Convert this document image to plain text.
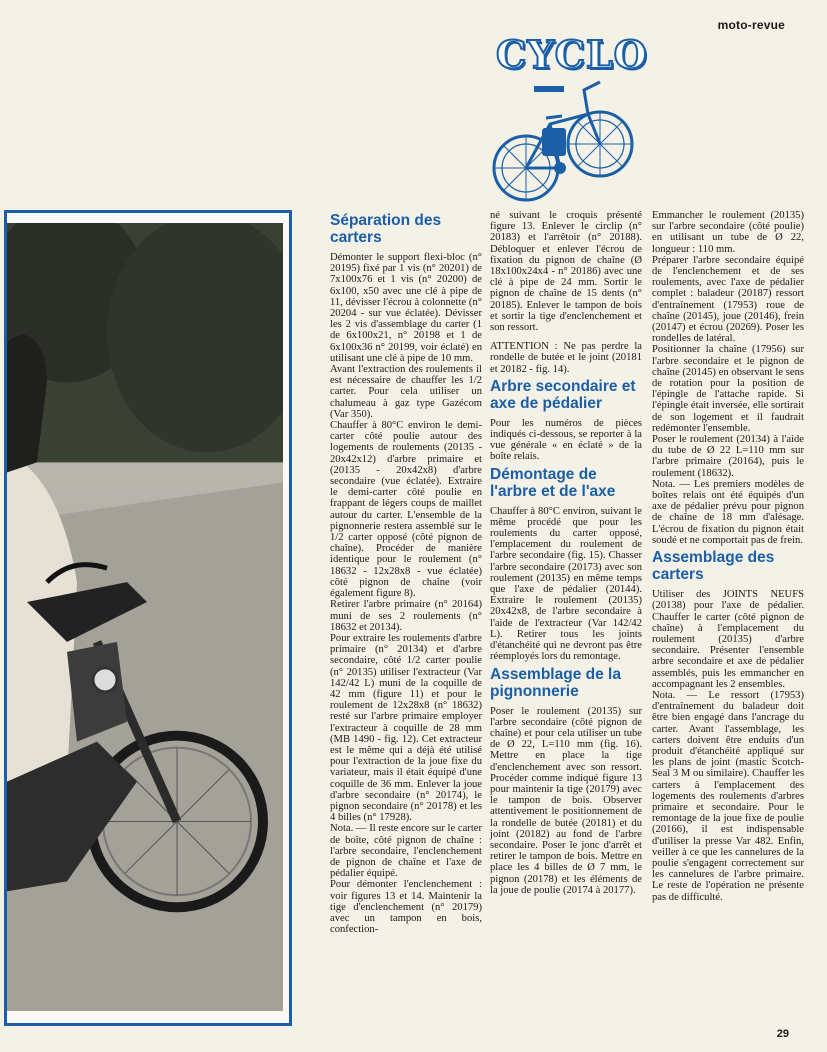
moto-revue
CYCLO
Séparation des carters

Démonter le support flexi-bloc (n° 20195) fixé par 1 vis (n° 20201) de 7x100x76 et 1 vis (n° 20200) de 6x100, x50 avec une clé à pipe de 11, dévisser l'écrou à colonnette (n° 20204 - sur vue éclatée). Dévisser les 2 vis d'assemblage du carter (1 de 6x100x21, n° 20198 et 1 de 6x100x36 n° 20199, voir éclaté) en utilisant une clé à pipe de 10 mm.

Avant l'extraction des roulements il est nécessaire de chauffer les 1/2 carter. Pour cela utiliser un chalumeau à gaz type Gazécom (Var 350).

Chauffer à 80°C environ le demi-carter côté poulie autour des logements de roulements (20135 - 20x42x12) d'arbre primaire et (20135 - 20x42x8) d'arbre secondaire (vue éclatée). Extraire le demi-carter côté poulie en frappant de légers coups de maillet autour du carter. L'ensemble de la pignonnerie restera assemblé sur le 1/2 carter opposé (côté pignon de chaîne). Procéder de manière identique pour le roulement (n° 18632 - 12x28x8 - vue éclatée) côté pignon de chaîne (voir également figure 8).

Retirer l'arbre primaire (n° 20164) muni de ses 2 roulements (n° 18632 et 20134).

Pour extraire les roulements d'arbre primaire (n° 20134) et d'arbre secondaire, côté 1/2 carter poulie (n° 20135) utiliser l'extracteur (Var 142/42 L) muni de la coquille de 42 mm (figure 11) et pour le roulement de 12x28x8 (n° 18632) resté sur l'arbre primaire employer l'extracteur à coquille de 28 mm (MB 1490 - fig. 12). Cet extracteur est le même qui a déjà été utilisé pour l'extraction de la joue fixe du variateur, mais il était équipé d'une coquille de 36 mm. Enlever la joue d'arbre secondaire (n° 20174), le pignon secondaire (n° 20178) et les 4 billes (n° 17928).

Nota. — Il reste encore sur le carter de boîte, côté pignon de chaîne : l'arbre secondaire, l'enclenchement de pignon de chaîne et l'axe de pédalier équipé.

Pour démonter l'enclenchement : voir figures 13 et 14. Maintenir la tige d'enclenchement (n° 20179) avec un tampon en bois, confection-

né suivant le croquis présenté figure 13. Enlever le circlip (n° 20183) et l'arrêtoir (n° 20188). Débloquer et enlever l'écrou de fixation du pignon de chaîne (Ø 18x100x24x4 - n° 20186) avec une clé à pipe de 24 mm. Sortir le pignon de chaîne de 15 dents (n° 20185). Enlever le tampon de bois et sortir la tige d'enclenchement et son ressort.

ATTENTION : Ne pas perdre la rondelle de butée et le joint (20181 et 20182 - fig. 14).

Arbre secondaire et axe de pédalier

Pour les numéros de pièces indiqués ci-dessous, se reporter à la vue générale « en éclaté » de la boîte relais.

Démontage de l'arbre et de l'axe

Chauffer à 80°C environ, suivant le même procédé que pour les roulements du carter opposé, l'emplacement du roulement de l'arbre secondaire (fig. 15). Chasser l'arbre secondaire (20173) avec son roulement (20135) en même temps que l'axe de pédalier (20144). Extraire le roulement (20135) 20x42x8, de l'arbre secondaire à l'aide de l'extracteur (Var 142/42 L). Retirer tous les joints d'étanchéité qui ne devront pas être réemployés lors du remontage.

Assemblage de la pignonnerie

Poser le roulement (20135) sur l'arbre secondaire (côté pignon de chaîne) et pour cela utiliser un tube de Ø 22, L=110 mm (fig. 16). Mettre en place la tige d'enclenchement avec son ressort. Procéder comme indiqué figure 13 pour maintenir la tige (20179) avec le tampon de bois. Observer attentivement le positionnement de la rondelle de butée (20181) et du joint (20182) au fond de l'arbre secondaire. Poser le jonc d'arrêt et retirer le tampon de bois. Mettre en place les 4 billes de Ø 7 mm, le pignon (20178) et les éléments de la joue de poulie (20174 à 20177).

Emmancher le roulement (20135) sur l'arbre secondaire (côté poulie) en utilisant un tube de Ø 22, longueur : 110 mm.

Préparer l'arbre secondaire équipé de l'enclenchement et de ses roulements, avec l'axe de pédalier complet : baladeur (20187) ressort d'entraînement (17953) roue de chaîne (20145), joue (20146), frein (20147) et écrou (20269). Poser les rondelles de latéral.

Positionner la chaîne (17956) sur l'arbre secondaire et le pignon de chaîne (20145) en observant le sens de rotation pour la position de l'épingle de l'attache rapide. Si l'épingle était inversée, elle sortirait de son logement et il faudrait redémonter l'ensemble.

Poser le roulement (20134) à l'aide du tube de Ø 22 L=110 mm sur l'arbre primaire (20164), puis le roulement (18632).

Nota. — Les premiers modèles de boîtes relais ont été équipés d'un axe de pédalier prévu pour pignon de chaîne de 18 mm d'alésage. L'écrou de fixation du pignon était soudé et ne comportait pas de frein.

Assemblage des carters

Utiliser des JOINTS NEUFS (20138) pour l'axe de pédalier. Chauffer le carter (côté pignon de chaîne) à l'emplacement du roulement (20135) d'arbre secondaire. Présenter l'ensemble arbre secondaire et axe de pédalier assemblés, puis les emmancher en accompagnant les 2 ensembles.

Nota. — Le ressort (17953) d'entraînement du baladeur doit être bien engagé dans l'ancrage du carter. Avant l'assemblage, les carters doivent être enduits d'un produit d'étanchéité appliqué sur les plans de joint (mastic Scotch-Seal 3 M ou similaire). Chauffer les carters à l'emplacement des logements des roulements d'arbres primaire et secondaire. Pour le remontage de la joue fixe de poulie (20166), il est indispensable d'utiliser la presse Var 482. Enfin, veiller à ce que les cannelures de la poulie s'engagent correctement sur les cannelures de l'arbre primaire. Le reste de l'opération ne présente pas de difficulté.

29
